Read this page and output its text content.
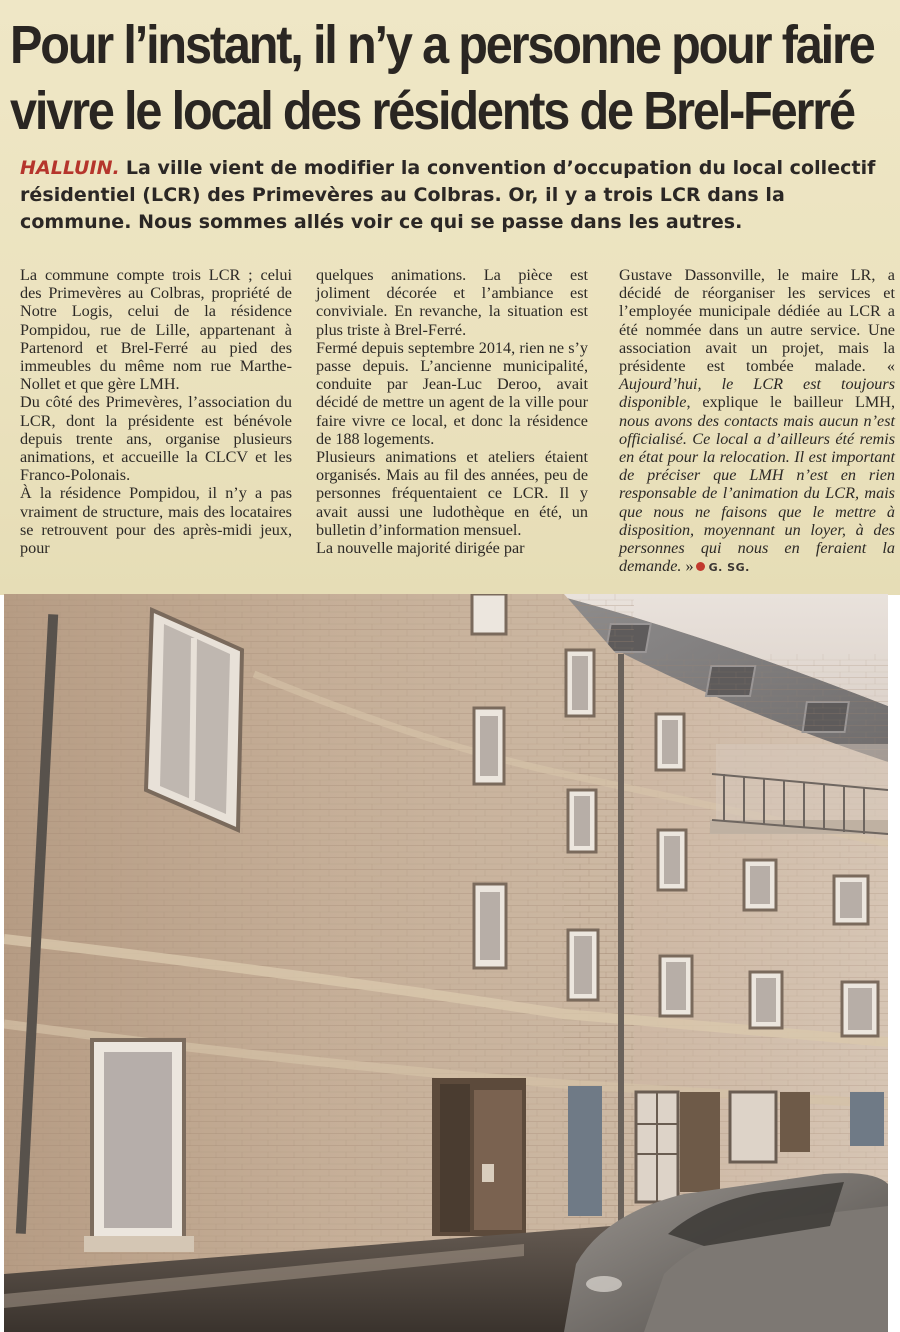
Pour l’instant, il n’y a personne pour faire
vivre le local des résidents de Brel-Ferré

HALLUIN. La ville vient de modifier la convention d’occupation du local collectif résidentiel (LCR) des Primevères au Colbras. Or, il y a trois LCR dans la commune. Nous sommes allés voir ce qui se passe dans les autres.

La commune compte trois LCR ; celui des Primevères au Colbras, propriété de Notre Logis, celui de la résidence Pompidou, rue de Lille, appartenant à Partenord et Brel-Ferré au pied des immeubles du même nom rue Marthe-Nollet et que gère LMH.

Du côté des Primevères, l’association du LCR, dont la présidente est bénévole depuis trente ans, organise plusieurs animations, et accueille la CLCV et les Franco-Polonais.

À la résidence Pompidou, il n’y a pas vraiment de structure, mais des locataires se retrouvent pour des après-midi jeux, pour

quelques animations. La pièce est joliment décorée et l’ambiance est conviviale. En revanche, la situation est plus triste à Brel-Ferré.

Fermé depuis septembre 2014, rien ne s’y passe depuis. L’ancienne municipalité, conduite par Jean-Luc Deroo, avait décidé de mettre un agent de la ville pour faire vivre ce local, et donc la résidence de 188 logements.

Plusieurs animations et ateliers étaient organisés. Mais au fil des années, peu de personnes fréquentaient ce LCR. Il y avait aussi une ludothèque en été, un bulletin d’information mensuel.

La nouvelle majorité dirigée par

Gustave Dassonville, le maire LR, a décidé de réorganiser les services et l’employée municipale dédiée au LCR a été nommée dans un autre service. Une association avait un projet, mais la présidente est tombée malade. « Aujourd’hui, le LCR est toujours disponible, explique le bailleur LMH, nous avons des contacts mais aucun n’est officialisé. Ce local a d’ailleurs été remis en état pour la relocation. Il est important de préciser que LMH n’est en rien responsable de l’animation du LCR, mais que nous ne faisons que le mettre à disposition, moyennant un loyer, à des personnes qui nous en feraient la demande. » G. SG.
